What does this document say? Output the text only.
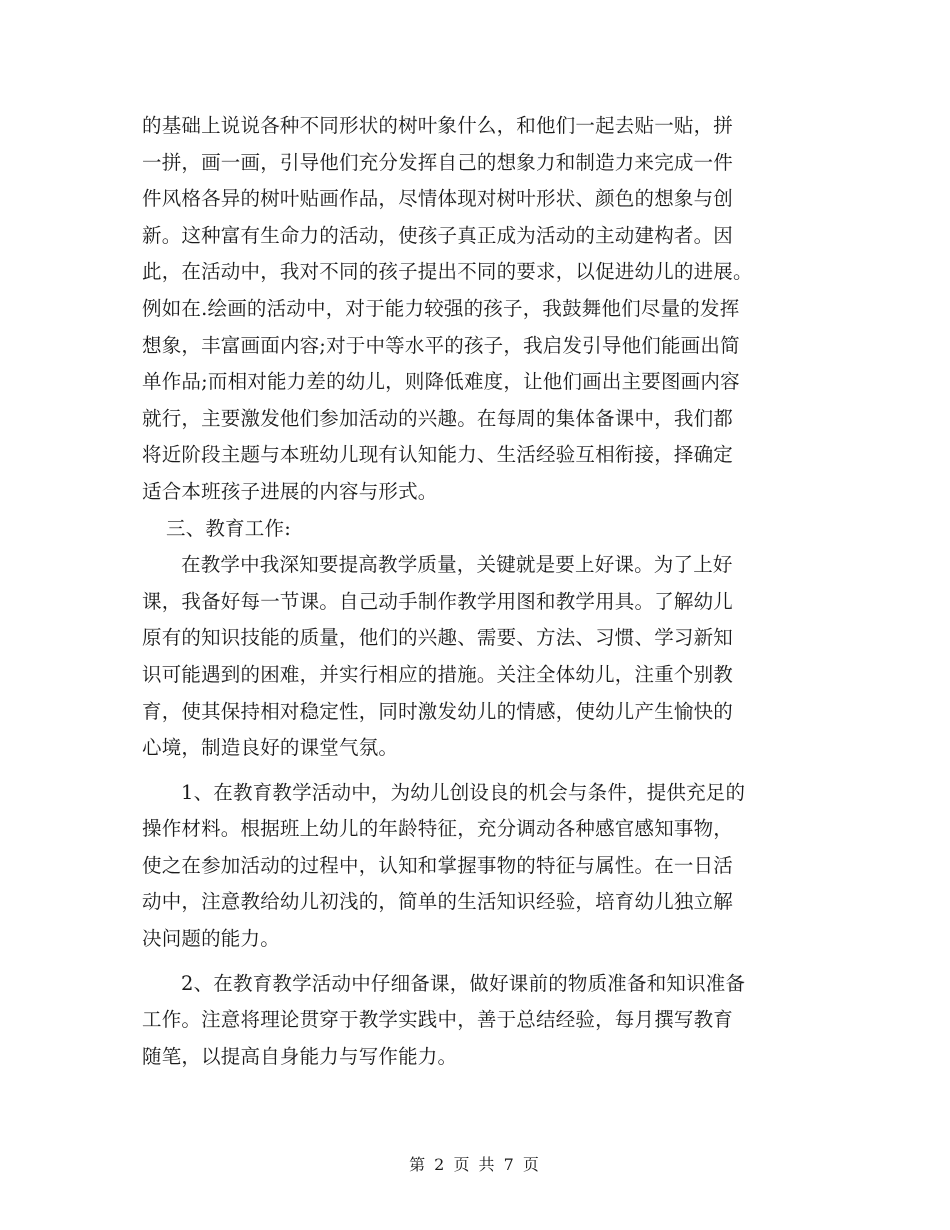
的基础上说说各种不同形状的树叶象什么，和他们一起去贴一贴，拼
一拼，画一画，引导他们充分发挥自己的想象力和制造力来完成一件
件风格各异的树叶贴画作品，尽情体现对树叶形状、颜色的想象与创
新。这种富有生命力的活动，使孩子真正成为活动的主动建构者。因
此，在活动中，我对不同的孩子提出不同的要求，以促进幼儿的进展。
例如在.绘画的活动中，对于能力较强的孩子，我鼓舞他们尽量的发挥
想象，丰富画面内容;对于中等水平的孩子，我启发引导他们能画出简
单作品;而相对能力差的幼儿，则降低难度，让他们画出主要图画内容
就行，主要激发他们参加活动的兴趣。在每周的集体备课中，我们都
将近阶段主题与本班幼儿现有认知能力、生活经验互相衔接，择确定
适合本班孩子进展的内容与形式。
三、教育工作:
在教学中我深知要提高教学质量，关键就是要上好课。为了上好
课，我备好每一节课。自己动手制作教学用图和教学用具。了解幼儿
原有的知识技能的质量，他们的兴趣、需要、方法、习惯、学习新知
识可能遇到的困难，并实行相应的措施。关注全体幼儿，注重个别教
育，使其保持相对稳定性，同时激发幼儿的情感，使幼儿产生愉快的
心境，制造良好的课堂气氛。
1、在教育教学活动中，为幼儿创设良的机会与条件，提供充足的
操作材料。根据班上幼儿的年龄特征，充分调动各种感官感知事物，
使之在参加活动的过程中，认知和掌握事物的特征与属性。在一日活
动中，注意教给幼儿初浅的，简单的生活知识经验，培育幼儿独立解
决问题的能力。
2、在教育教学活动中仔细备课，做好课前的物质准备和知识准备
工作。注意将理论贯穿于教学实践中，善于总结经验，每月撰写教育
随笔，以提高自身能力与写作能力。
第 2 页 共 7 页
